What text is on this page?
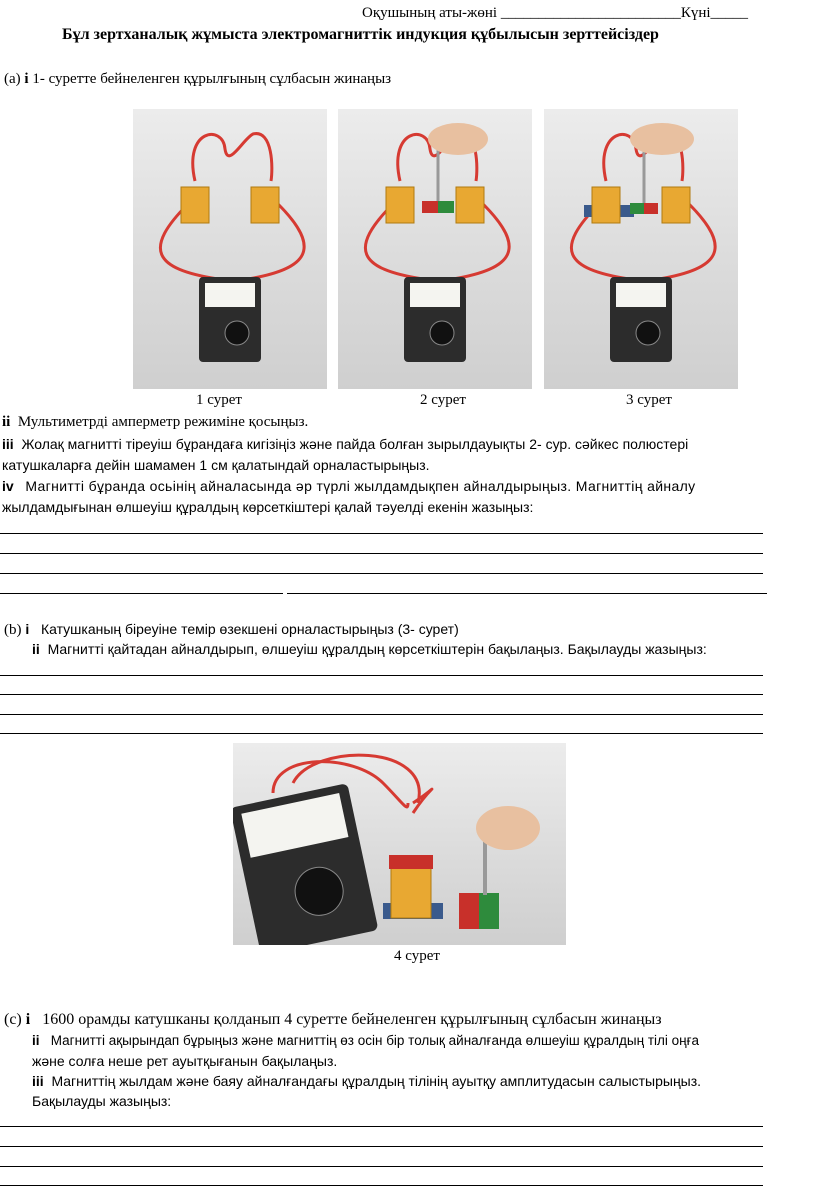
Оқушының аты-жөні ________________________Күні_____
Бұл зертханалық жұмыста электромагниттік индукция құбылысын зерттейсіздер
(a) i 1- суретте бейнеленген құрылғының сұлбасын жинаңыз
1 сурет	2 сурет	3 сурет
ii Мультиметрді амперметр режиміне қосыңыз.
iii Жолақ магнитті тіреуіш бұрандаға кигізіңіз және пайда болған зырылдауықты 2- сур. сәйкес полюстері
катушкаларға дейін шамамен 1 см қалатындай орналастырыңыз.
iv Магнитті бұранда осьінің айналасында әр түрлі жылдамдықпен айналдырыңыз. Магниттің айналу
жылдамдығынан өлшеуіш құралдың көрсеткіштері қалай тәуелді екенін жазыңыз:
(b) i Катушканың біреуіне темір өзекшені орналастырыңыз (3- сурет)
ii Магнитті қайтадан айналдырып, өлшеуіш құралдың көрсеткіштерін бақылаңыз. Бақылауды жазыңыз:
4 сурет
(c) i 1600 орамды катушканы қолданып 4 суретте бейнеленген құрылғының сұлбасын жинаңыз
ii Магнитті ақырындап бұрыңыз және магниттің өз осін бір толық айналғанда өлшеуіш құралдың тілі оңға
және солға неше рет ауытқығанын бақылаңыз.
iii Магниттің жылдам және баяу айналғандағы құралдың тілінің ауытқу амплитудасын салыстырыңыз.
Бақылауды жазыңыз:
